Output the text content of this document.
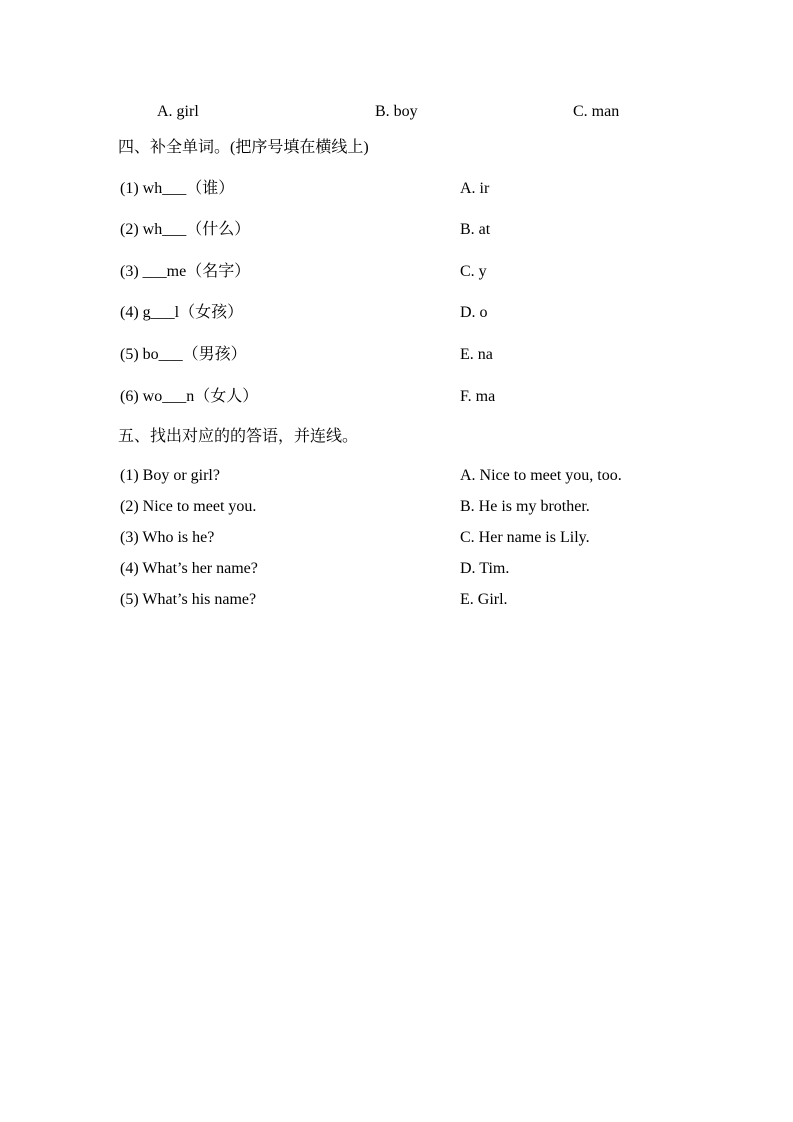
A. girl	B. boy	C. man
四、补全单词。(把序号填在横线上)
(1) wh___（谁）	A. ir
(2) wh___（什么）	B. at
(3) ___me（名字）	C. y
(4) g___l（女孩）	D. o
(5) bo___（男孩）	E. na
(6) wo___n（女人）	F. ma
五、找出对应的的答语，并连线。
(1) Boy or girl?	A. Nice to meet you, too.
(2) Nice to meet you.	B. He is my brother.
(3) Who is he?	C. Her name is Lily.
(4) What’s her name?	D. Tim.
(5) What’s his name?	E. Girl.
